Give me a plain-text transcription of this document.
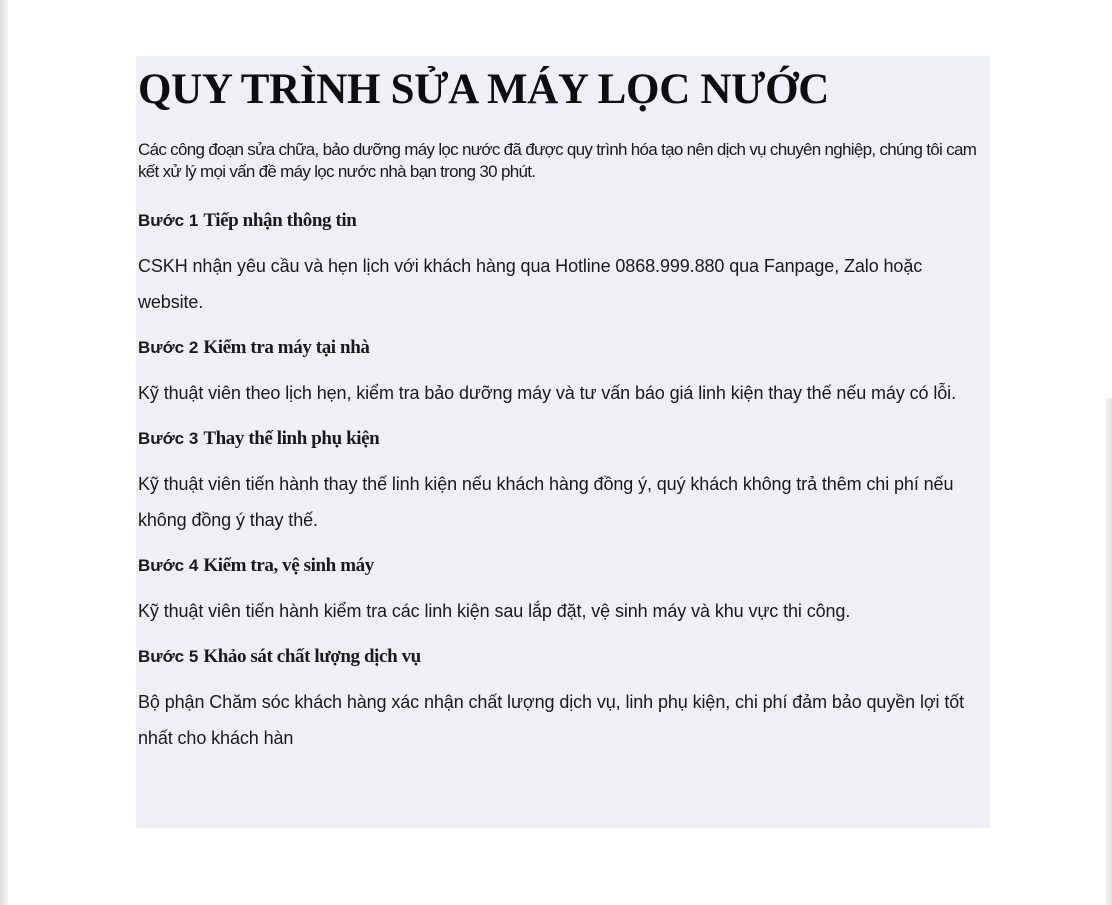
QUY TRÌNH SỬA MÁY LỌC NƯỚC

Các công đoạn sửa chữa, bảo dưỡng máy lọc nước đã được quy trình hóa tạo nên dịch vụ chuyên nghiệp, chúng tôi cam kết xử lý mọi vấn đề máy lọc nước nhà bạn trong 30 phút.

Bước 1 Tiếp nhận thông tin

CSKH nhận yêu cầu và hẹn lịch với khách hàng qua Hotline 0868.999.880 qua Fanpage, Zalo hoặc website.

Bước 2 Kiểm tra máy tại nhà

Kỹ thuật viên theo lịch hẹn, kiểm tra bảo dưỡng máy và tư vấn báo giá linh kiện thay thế nếu máy có lỗi.

Bước 3 Thay thế linh phụ kiện

Kỹ thuật viên tiến hành thay thế linh kiện nếu khách hàng đồng ý, quý khách không trả thêm chi phí nếu không đồng ý thay thế.

Bước 4 Kiểm tra, vệ sinh máy

Kỹ thuật viên tiến hành kiểm tra các linh kiện sau lắp đặt, vệ sinh máy và khu vực thi công.

Bước 5 Khảo sát chất lượng dịch vụ

Bộ phận Chăm sóc khách hàng xác nhận chất lượng dịch vụ, linh phụ kiện, chi phí đảm bảo quyền lợi tốt nhất cho khách hàn
